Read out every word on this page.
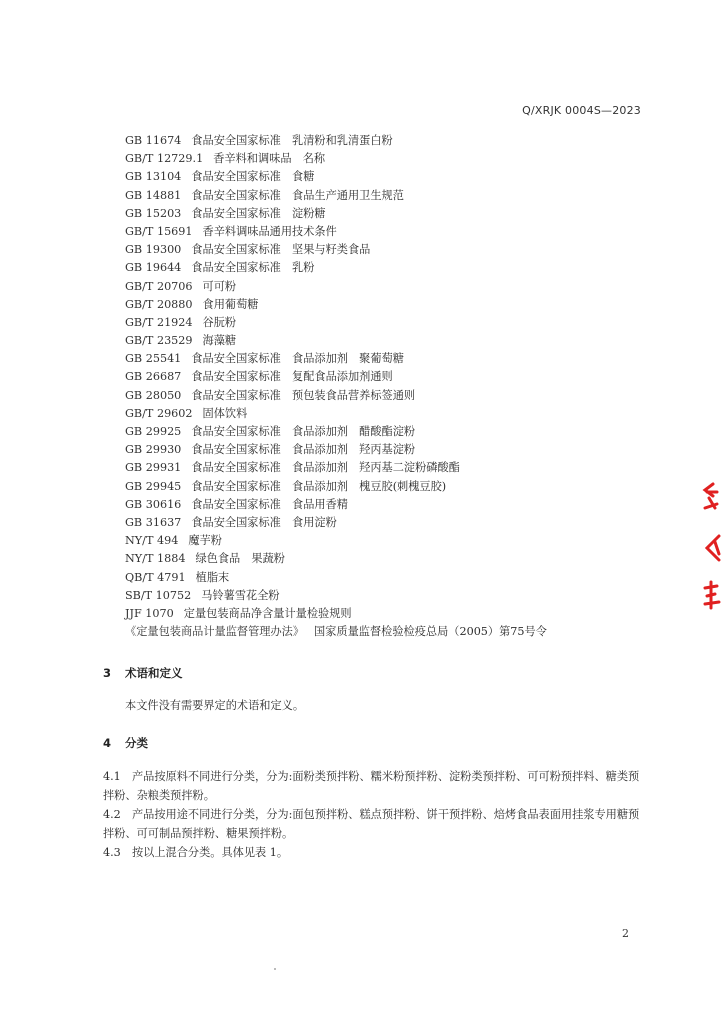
Q/XRJK 0004S—2023
GB 11674 食品安全国家标准　乳清粉和乳清蛋白粉
GB/T 12729.1 香辛料和调味品　名称
GB 13104 食品安全国家标准　食糖
GB 14881 食品安全国家标准　食品生产通用卫生规范
GB 15203 食品安全国家标准　淀粉糖
GB/T 15691 香辛料调味品通用技术条件
GB 19300 食品安全国家标准　坚果与籽类食品
GB 19644 食品安全国家标准　乳粉
GB/T 20706 可可粉
GB/T 20880 食用葡萄糖
GB/T 21924 谷朊粉
GB/T 23529 海藻糖
GB 25541 食品安全国家标准　食品添加剂　聚葡萄糖
GB 26687 食品安全国家标准　复配食品添加剂通则
GB 28050 食品安全国家标准　预包装食品营养标签通则
GB/T 29602 固体饮料
GB 29925 食品安全国家标准　食品添加剂　醋酸酯淀粉
GB 29930 食品安全国家标准　食品添加剂　羟丙基淀粉
GB 29931 食品安全国家标准　食品添加剂　羟丙基二淀粉磷酸酯
GB 29945 食品安全国家标准　食品添加剂　槐豆胶(刺槐豆胶)
GB 30616 食品安全国家标准　食品用香精
GB 31637 食品安全国家标准　食用淀粉
NY/T 494 魔芋粉
NY/T 1884 绿色食品　果蔬粉
QB/T 4791 植脂末
SB/T 10752 马铃薯雪花全粉
JJF 1070 定量包装商品净含量计量检验规则
《定量包装商品计量监督管理办法》 国家质量监督检验检疫总局（2005）第75号令
3 术语和定义
本文件没有需要界定的术语和定义。
4 分类
4.1　产品按原料不同进行分类，分为:面粉类预拌粉、糯米粉预拌粉、淀粉类预拌粉、可可粉预拌料、糖类预拌粉、杂粮类预拌粉。
4.2　产品按用途不同进行分类，分为:面包预拌粉、糕点预拌粉、饼干预拌粉、焙烤食品表面用挂浆专用糖预拌粉、可可制品预拌粉、糖果预拌粉。
4.3　按以上混合分类。具体见表 1。
2
